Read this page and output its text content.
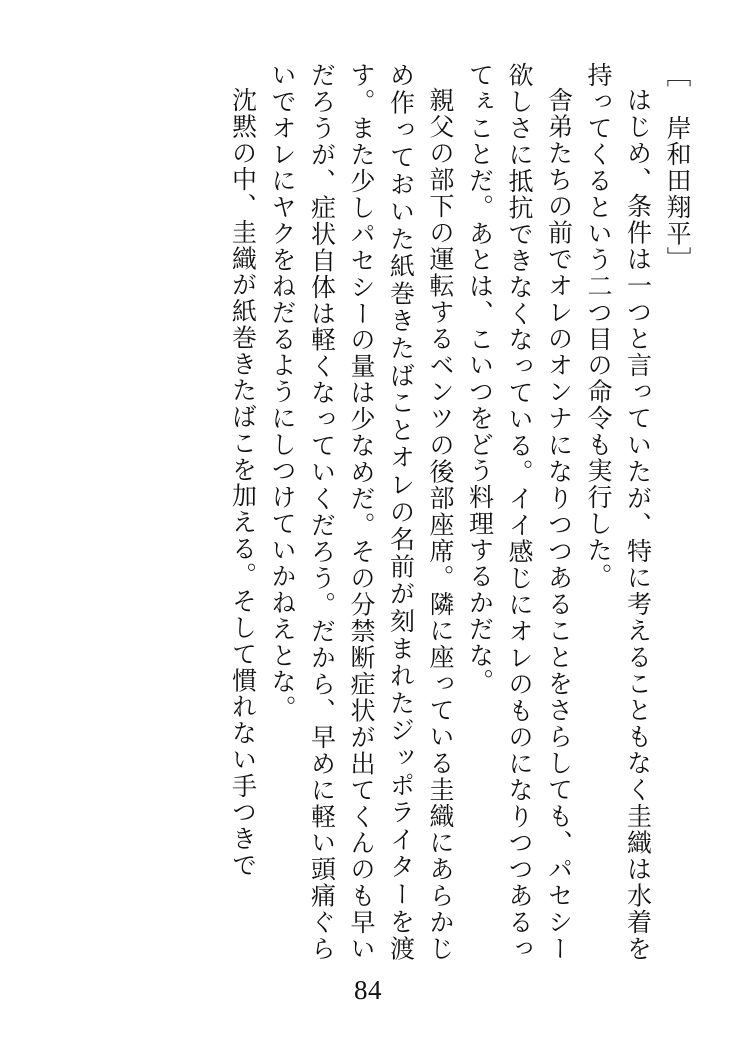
［　岸和田翔平］
はじめ、条件は一つと言っていたが、特に考えることもなく圭織は水着を持ってくるという二つ目の命令も実行した。
舎弟たちの前でオレのオンナになりつつあることをさらしても、パセシー欲しさに抵抗できなくなっている。イイ感じにオレのものになりつつあるってぇことだ。あとは、こいつをどう料理するかだな。
親父の部下の運転するベンツの後部座席。隣に座っている圭織にあらかじめ作っておいた紙巻きたばことオレの名前が刻まれたジッポライターを渡す。また少しパセシーの量は少なめだ。その分禁断症状が出てくんのも早いだろうが、症状自体は軽くなっていくだろう。だから、早めに軽い頭痛ぐらいでオレにヤクをねだるようにしつけていかねえとな。
沈黙の中、圭織が紙巻きたばこを加える。そして慣れない手つきで
84
